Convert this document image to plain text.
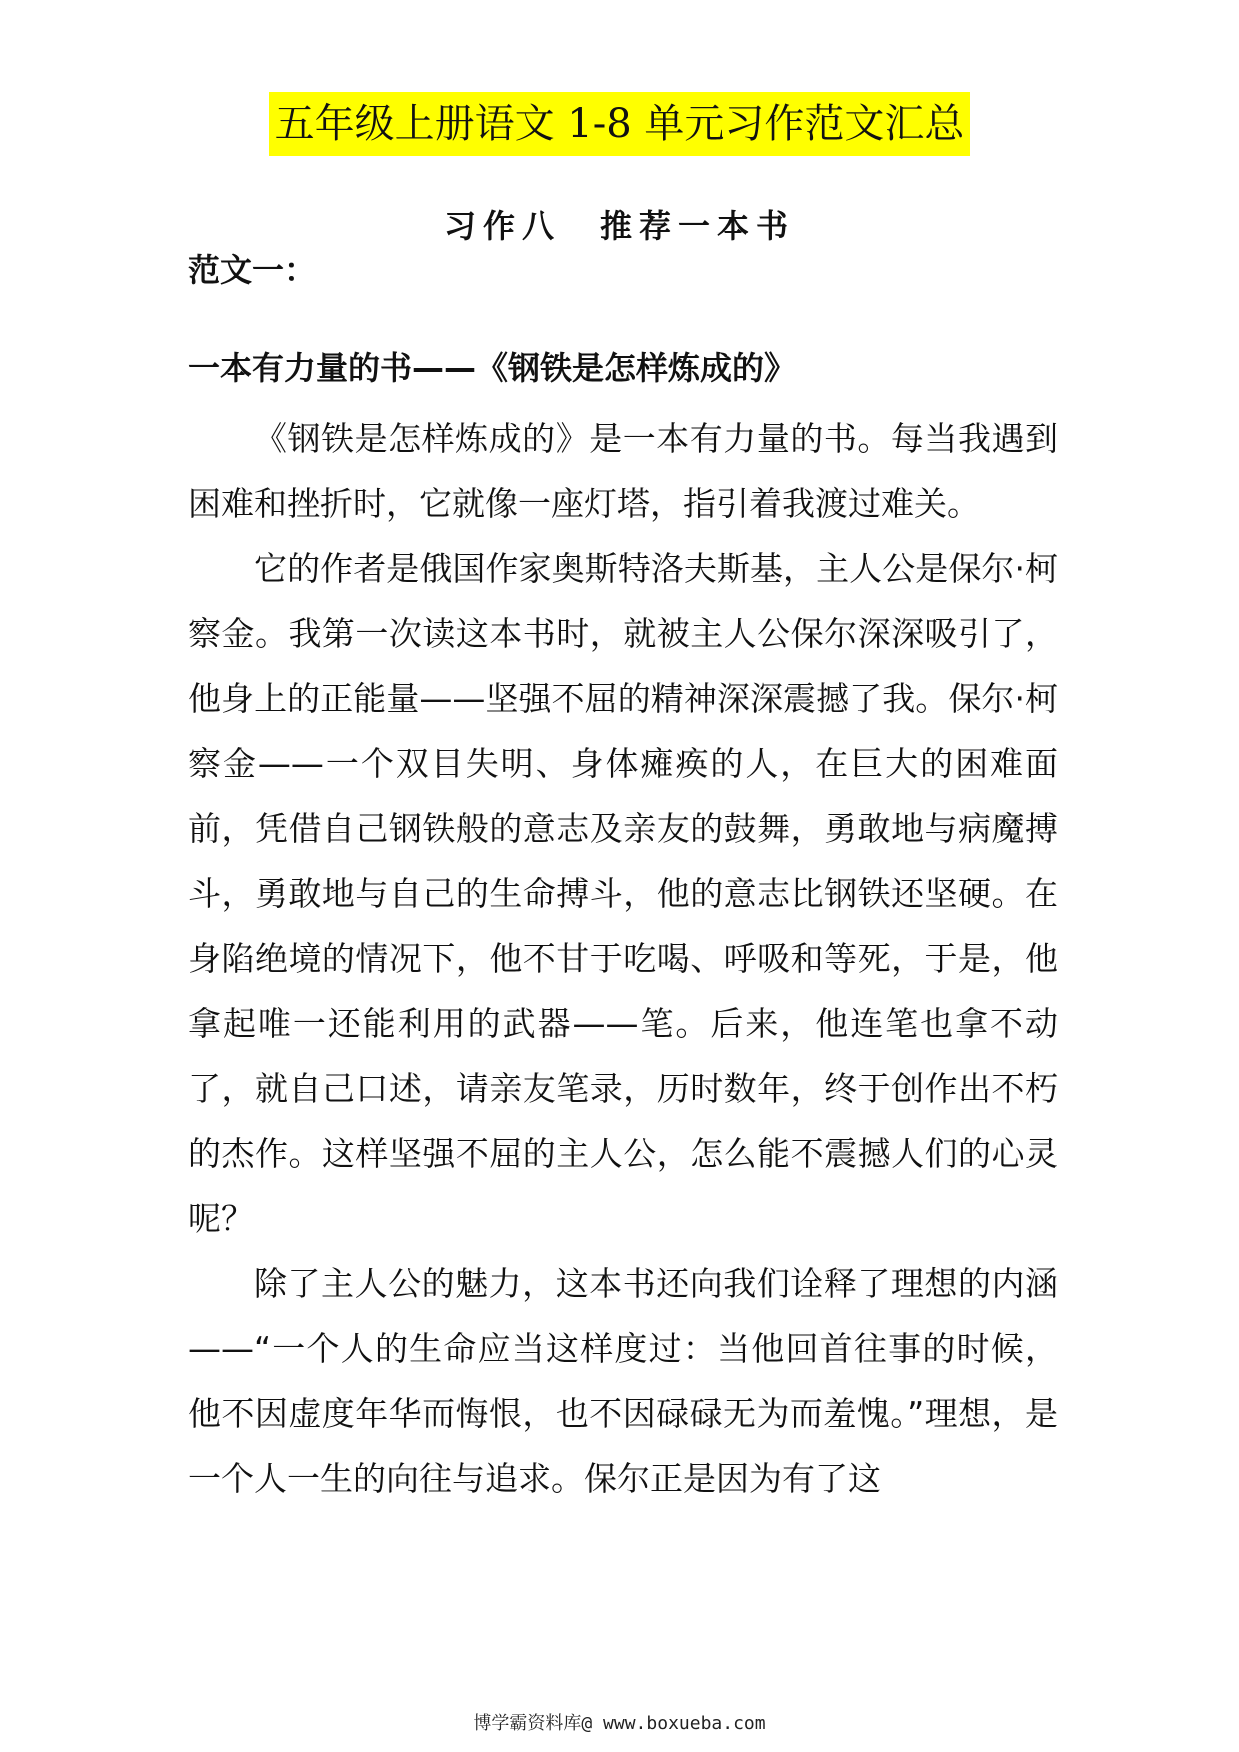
五年级上册语文 1-8 单元习作范文汇总
习作八　推荐一本书
范文一：
一本有力量的书——《钢铁是怎样炼成的》

《钢铁是怎样炼成的》是一本有力量的书。每当我遇到困难和挫折时，它就像一座灯塔，指引着我渡过难关。

它的作者是俄国作家奥斯特洛夫斯基，主人公是保尔·柯察金。我第一次读这本书时，就被主人公保尔深深吸引了，他身上的正能量——坚强不屈的精神深深震撼了我。保尔·柯察金——一个双目失明、身体瘫痪的人，在巨大的困难面前，凭借自己钢铁般的意志及亲友的鼓舞，勇敢地与病魔搏斗，勇敢地与自己的生命搏斗，他的意志比钢铁还坚硬。在身陷绝境的情况下，他不甘于吃喝、呼吸和等死，于是，他拿起唯一还能利用的武器——笔。后来，他连笔也拿不动了，就自己口述，请亲友笔录，历时数年，终于创作出不朽的杰作。这样坚强不屈的主人公，怎么能不震撼人们的心灵呢？

除了主人公的魅力，这本书还向我们诠释了理想的内涵——“一个人的生命应当这样度过：当他回首往事的时候，他不因虚度年华而悔恨，也不因碌碌无为而羞愧。”理想，是一个人一生的向往与追求。保尔正是因为有了这

博学霸资料库@ www.boxueba.com
